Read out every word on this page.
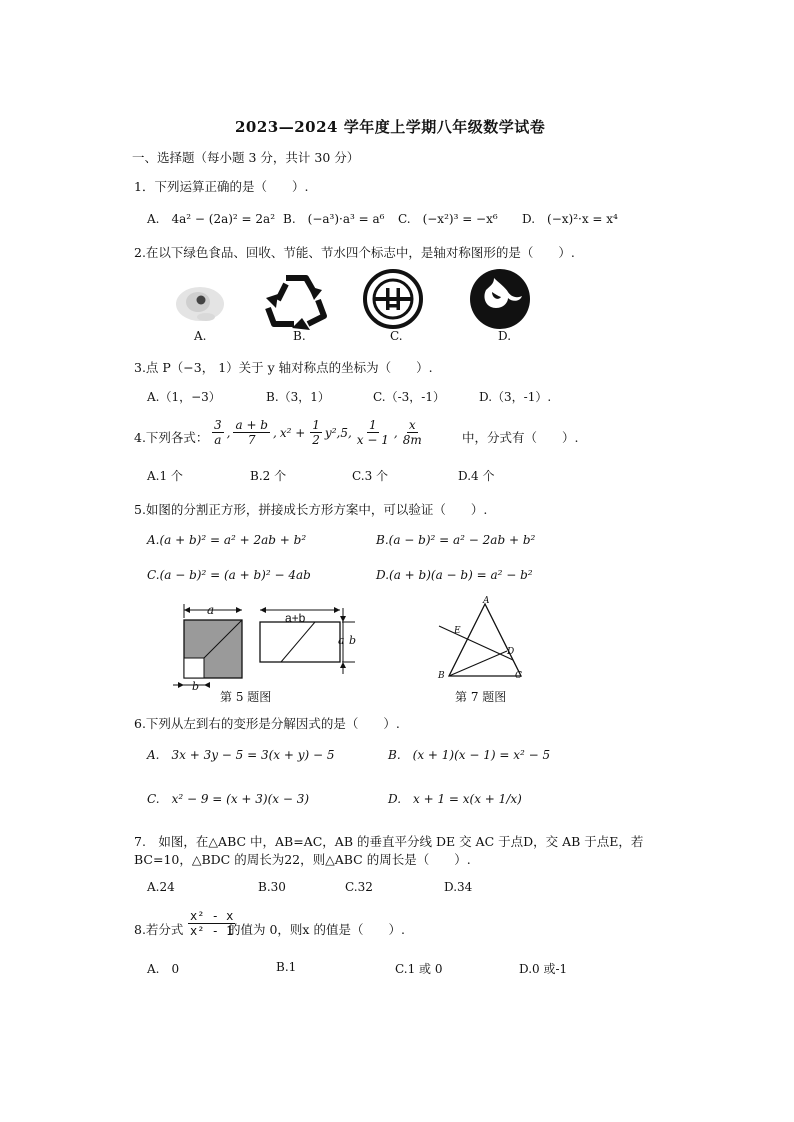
2023—2024 学年度上学期八年级数学试卷
一、选择题（每小题 3 分，共计 30 分）
1．下列运算正确的是（　　）.
A.　4a² − (2a)² = 2a² B.　(−a³)·a³ = a⁶ C.　(−x²)³ = −x⁶ D.　(−x)²·x = x⁴
2.在以下绿色食品、回收、节能、节水四个标志中，是轴对称图形的是（　　）.
A.	B.	C.	D.
3.点 P（−3， 1）关于 y 轴对称点的坐标为（　　）.
A.（1，−3）	B.（3，1）	C.（-3，-1）	D.（3，-1）.
4.下列各式： $\frac{3}{a}$ , $\frac{a + b}{7}$ , $x^2 + \frac{1}{2} y^2,5$, $\frac{1}{x - 1}$ , $\frac{x}{8m}$	中，分式有（　　）.
A.1 个	B.2 个	C.3 个	D.4 个
5.如图的分割正方形，拼接成长方形方案中，可以验证（　　）.
A.(a + b)² = a² + 2ab + b²	B.(a − b)² = a² − 2ab + b²
C.(a − b)² = (a + b)² − 4ab	D.(a + b)(a − b) = a² − b²
a
a+b
b
a
b
第 5 题图
A
E
D
B	C
第 7 题图
6.下列从左到右的变形是分解因式的是（　　）.
A.　3x + 3y − 5 = 3(x + y) − 5	B.　(x + 1)(x − 1) = x² − 5
C.　x² − 9 = (x + 3)(x − 3)	D.　x + 1 = x(x + 1/x)
7.　如图，在△ABC 中，AB=AC，AB 的垂直平分线 DE 交 AC 于点D，交 AB 于点E，若
BC=10，△BDC 的周长为22，则△ABC 的周长是（　　）.
A.24	B.30	C.32	D.34
8.若分式 $\frac{\text{x² - x}}{\text{x² - 1}}$
的值为 0，则x 的值是（　　）.
A.　0	B.1	C.1 或 0	D.0 或-1
